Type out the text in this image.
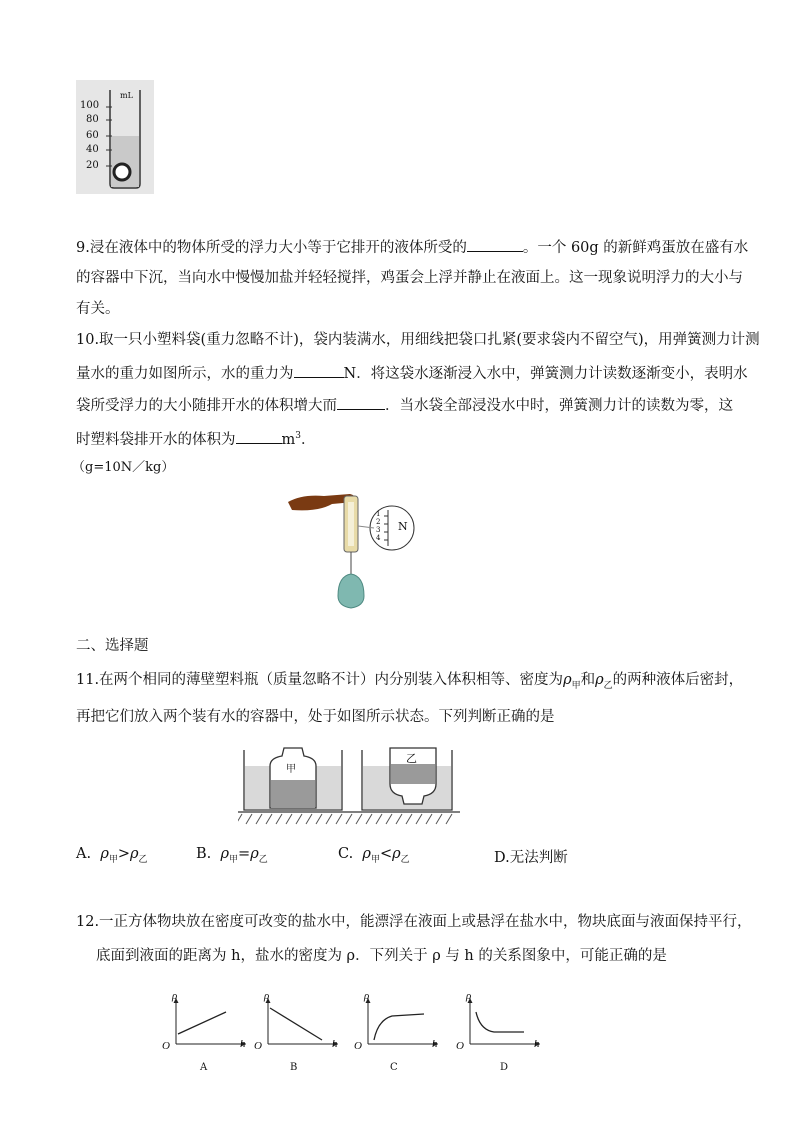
mL
100
80
60
40
20
9.浸在液体中的物体所受的浮力大小等于它排开的液体所受的	。一个 60g 的新鲜鸡蛋放在盛有水
的容器中下沉，当向水中慢慢加盐并轻轻搅拌，鸡蛋会上浮并静止在液面上。这一现象说明浮力的大小与
有关。
10.取一只小塑料袋(重力忽略不计)，袋内装满水，用细线把袋口扎紧(要求袋内不留空气)，用弹簧测力计测
量水的重力如图所示，水的重力为	N．将这袋水逐渐浸入水中，弹簧测力计读数逐渐变小，表明水
袋所受浮力的大小随排开水的体积增大而	．当水袋全部浸没水中时，弹簧测力计的读数为零，这
时塑料袋排开水的体积为	$m^3$．
（g=10N／kg）
1
2
3
4
N
二、选择题
11.在两个相同的薄壁塑料瓶（质量忽略不计）内分别装入体积相等、密度为$\rho_甲$和$\rho_乙$的两种液体后密封，
再把它们放入两个装有水的容器中，处于如图所示状态。下列判断正确的是
甲
乙
A. $\rho_甲>\rho_乙$	B. $\rho_甲=\rho_乙$	C. $\rho_甲<\rho_乙$	D.无法判断
12.一正方体物块放在密度可改变的盐水中，能漂浮在液面上或悬浮在盐水中，物块底面与液面保持平行，
底面到液面的距离为 h，盐水的密度为 ρ．下列关于 ρ 与 h 的关系图象中，可能正确的是
ρ
h
O
A
ρ
h
O
B
ρ
h
O
C
ρ
h
O
D
